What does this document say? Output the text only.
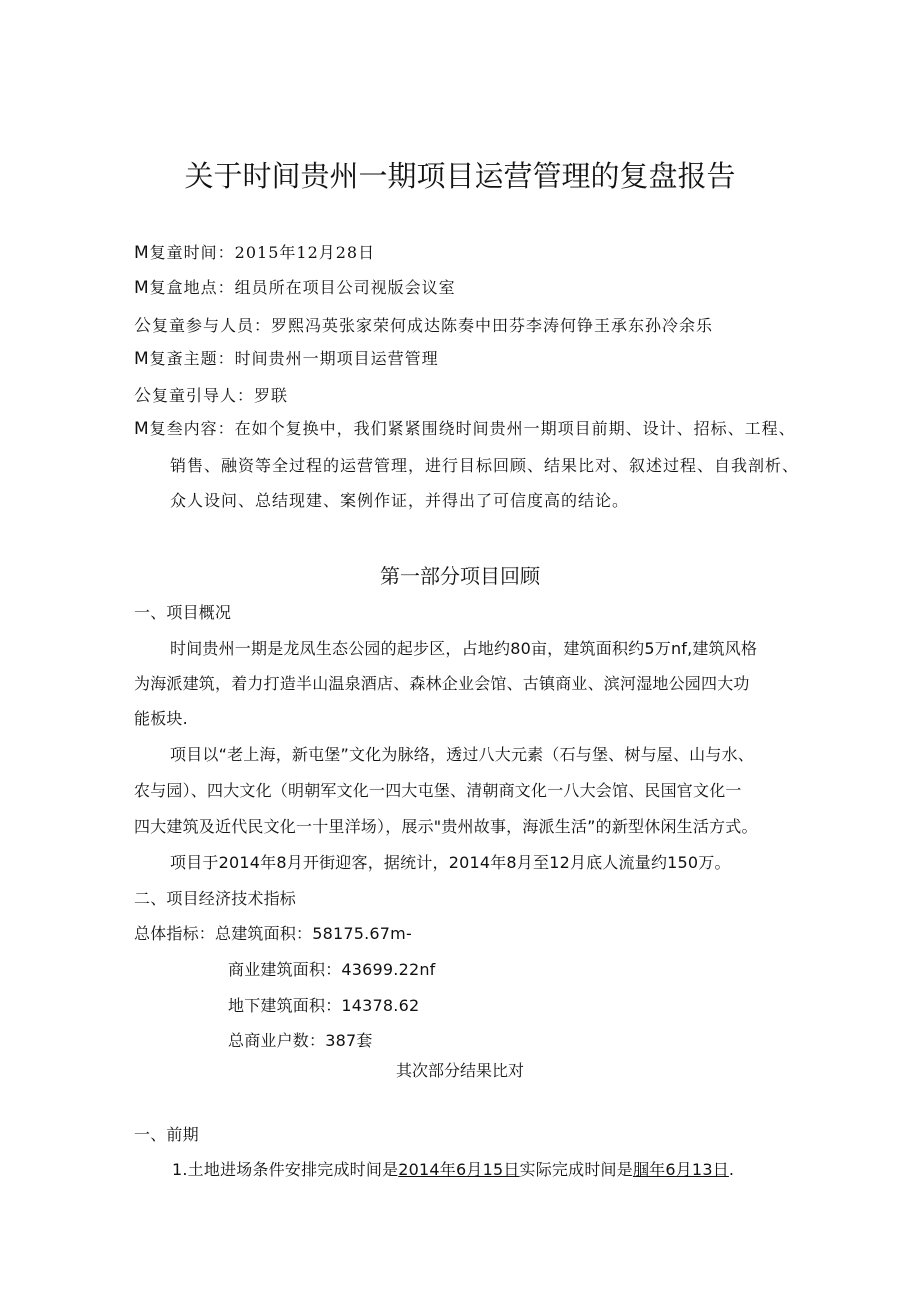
关于时间贵州一期项目运营管理的复盘报告
M复童时间：2015年12月28日
M复盒地点：组员所在项目公司视版会议室
公复童参与人员：罗熙冯英张家荣何成达陈奏中田芬李涛何铮王承东孙冷余乐
M复蚉主题：时间贵州一期项目运营管理
公复童引导人：罗联
M复叁内容：在如个复换中，我们紧紧围绕时间贵州一期项目前期、设计、招标、工程、
销售、融资等全过程的运营管理，进行目标回顾、结果比对、叙述过程、自我剖析、
众人设问、总结现建、案例作证，并得出了可信度高的结论。
第一部分项目回顾
一、项目概况
时间贵州一期是龙凤生态公园的起步区，占地约80亩，建筑面积约5万nf,建筑风格
为海派建筑，着力打造半山温泉酒店、森林企业会馆、古镇商业、滨河湿地公园四大功
能板块.
项目以“老上海，新屯堡”文化为脉络，透过八大元素（石与堡、树与屋、山与水、
农与园）、四大文化（明朝军文化一四大屯堡、清朝商文化一八大会馆、民国官文化一
四大建筑及近代民文化一十里洋场），展示"贵州故事，海派生活”的新型休闲生活方式。
项目于2014年8月开街迎客，据统计，2014年8月至12月底人流量约150万。
二、项目经济技术指标
总体指标：总建筑面积：58175.67m-
商业建筑面积：43699.22nf
地下建筑面积：14378.62
总商业户数：387套
其次部分结果比对
一、前期
1.土地进场条件安排完成时间是2014年6月15日实际完成时间是腘年6月13日.
